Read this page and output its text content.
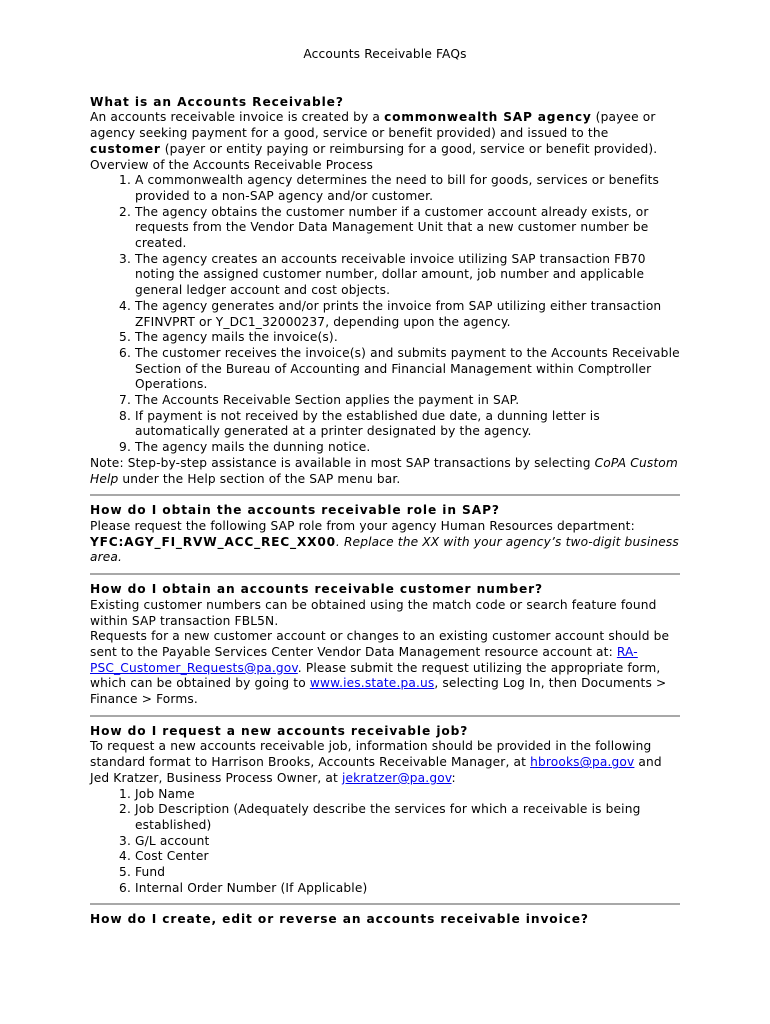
Accounts Receivable FAQs

What is an Accounts Receivable?

An accounts receivable invoice is created by a commonwealth SAP agency (payee or agency seeking payment for a good, service or benefit provided) and issued to the customer (payer or entity paying or reimbursing for a good, service or benefit provided).

Overview of the Accounts Receivable Process

1. A commonwealth agency determines the need to bill for goods, services or benefits provided to a non-SAP agency and/or customer.
2. The agency obtains the customer number if a customer account already exists, or requests from the Vendor Data Management Unit that a new customer number be created.
3. The agency creates an accounts receivable invoice utilizing SAP transaction FB70 noting the assigned customer number, dollar amount, job number and applicable general ledger account and cost objects.
4. The agency generates and/or prints the invoice from SAP utilizing either transaction ZFINVPRT or Y_DC1_32000237, depending upon the agency.
5. The agency mails the invoice(s).
6. The customer receives the invoice(s) and submits payment to the Accounts Receivable Section of the Bureau of Accounting and Financial Management within Comptroller Operations.
7. The Accounts Receivable Section applies the payment in SAP.
8. If payment is not received by the established due date, a dunning letter is automatically generated at a printer designated by the agency.
9. The agency mails the dunning notice.

Note: Step-by-step assistance is available in most SAP transactions by selecting CoPA Custom Help under the Help section of the SAP menu bar.

How do I obtain the accounts receivable role in SAP?

Please request the following SAP role from your agency Human Resources department:

YFC:AGY_FI_RVW_ACC_REC_XX00. Replace the XX with your agency’s two-digit business area.

How do I obtain an accounts receivable customer number?

Existing customer numbers can be obtained using the match code or search feature found within SAP transaction FBL5N.

Requests for a new customer account or changes to an existing customer account should be sent to the Payable Services Center Vendor Data Management resource account at: RA-PSC_Customer_Requests@pa.gov. Please submit the request utilizing the appropriate form, which can be obtained by going to www.ies.state.pa.us, selecting Log In, then Documents > Finance > Forms.

How do I request a new accounts receivable job?

To request a new accounts receivable job, information should be provided in the following standard format to Harrison Brooks, Accounts Receivable Manager, at hbrooks@pa.gov and Jed Kratzer, Business Process Owner, at jekratzer@pa.gov:

1. Job Name
2. Job Description (Adequately describe the services for which a receivable is being established)
3. G/L account
4. Cost Center
5. Fund
6. Internal Order Number (If Applicable)

How do I create, edit or reverse an accounts receivable invoice?
